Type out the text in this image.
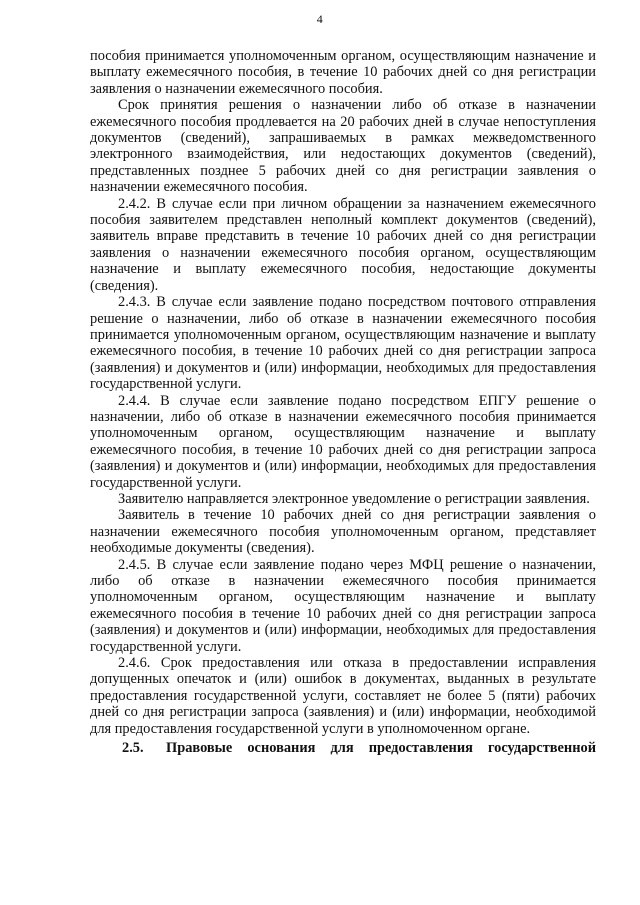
4

пособия принимается уполномоченным органом, осуществляющим назначение и выплату ежемесячного пособия, в течение 10 рабочих дней со дня регистрации заявления о назначении ежемесячного пособия.

Срок принятия решения о назначении либо об отказе в назначении ежемесячного пособия продлевается на 20 рабочих дней в случае непоступления документов (сведений), запрашиваемых в рамках межведомственного электронного взаимодействия, или недостающих документов (сведений), представленных позднее 5 рабочих дней со дня регистрации заявления о назначении ежемесячного пособия.

2.4.2. В случае если при личном обращении за назначением ежемесячного пособия заявителем представлен неполный комплект документов (сведений), заявитель вправе представить в течение 10 рабочих дней со дня регистрации заявления о назначении ежемесячного пособия органом, осуществляющим назначение и выплату ежемесячного пособия, недостающие документы (сведения).

2.4.3. В случае если заявление подано посредством почтового отправления решение о назначении, либо об отказе в назначении ежемесячного пособия принимается уполномоченным органом, осуществляющим назначение и выплату ежемесячного пособия, в течение 10 рабочих дней со дня регистрации запроса (заявления) и документов и (или) информации, необходимых для предоставления государственной услуги.

2.4.4. В случае если заявление подано посредством ЕПГУ решение о назначении, либо об отказе в назначении ежемесячного пособия принимается уполномоченным органом, осуществляющим назначение и выплату ежемесячного пособия, в течение 10 рабочих дней со дня регистрации запроса (заявления) и документов и (или) информации, необходимых для предоставления государственной услуги.

Заявителю направляется электронное уведомление о регистрации заявления.

Заявитель в течение 10 рабочих дней со дня регистрации заявления о назначении ежемесячного пособия уполномоченным органом, представляет необходимые документы (сведения).

2.4.5. В случае если заявление подано через МФЦ решение о назначении, либо об отказе в назначении ежемесячного пособия принимается уполномоченным органом, осуществляющим назначение и выплату ежемесячного пособия в течение 10 рабочих дней со дня регистрации запроса (заявления) и документов и (или) информации, необходимых для предоставления государственной услуги.

2.4.6. Срок предоставления или отказа в предоставлении исправления допущенных опечаток и (или) ошибок в документах, выданных в результате предоставления государственной услуги, составляет не более 5 (пяти) рабочих дней со дня регистрации запроса (заявления) и (или) информации, необходимой для предоставления государственной услуги в уполномоченном органе.

2.5.	Правовые основания для предоставления государственной
